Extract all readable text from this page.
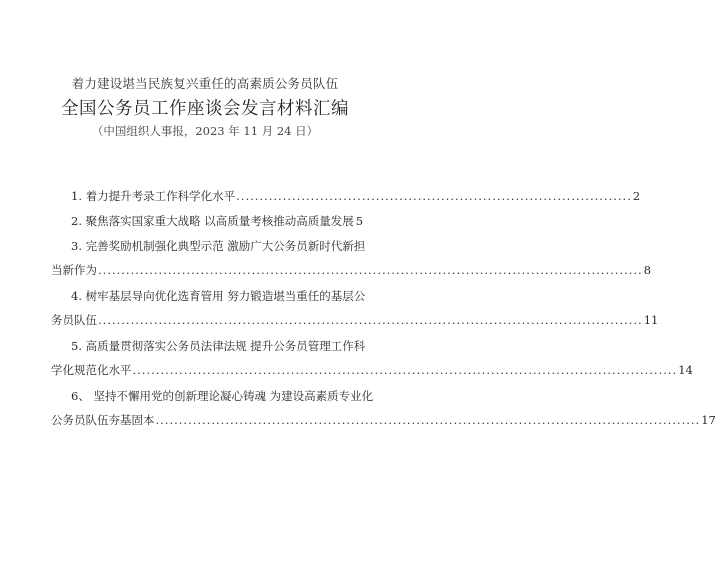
着力建设堪当民族复兴重任的高素质公务员队伍
全国公务员工作座谈会发言材料汇编
（中国组织人事报，2023 年 11 月 24 日）
1. 着力提升考录工作科学化水平 ..................................................................................... 2
2. 聚焦落实国家重大战略 以高质量考核推动高质量发展 5
3. 完善奖励机制强化典型示范 激励广大公务员新时代新担
当新作为 ..................................................................................................................... 8
4. 树牢基层导向优化选育管用 努力锻造堪当重任的基层公
务员队伍 ..................................................................................................................... 11
5. 高质量贯彻落实公务员法律法规 提升公务员管理工作科
学化规范化水平 ..................................................................................................................... 14
6、 坚持不懈用党的创新理论凝心铸魂 为建设高素质专业化
公务员队伍夯基固本 ..................................................................................................................... 17
